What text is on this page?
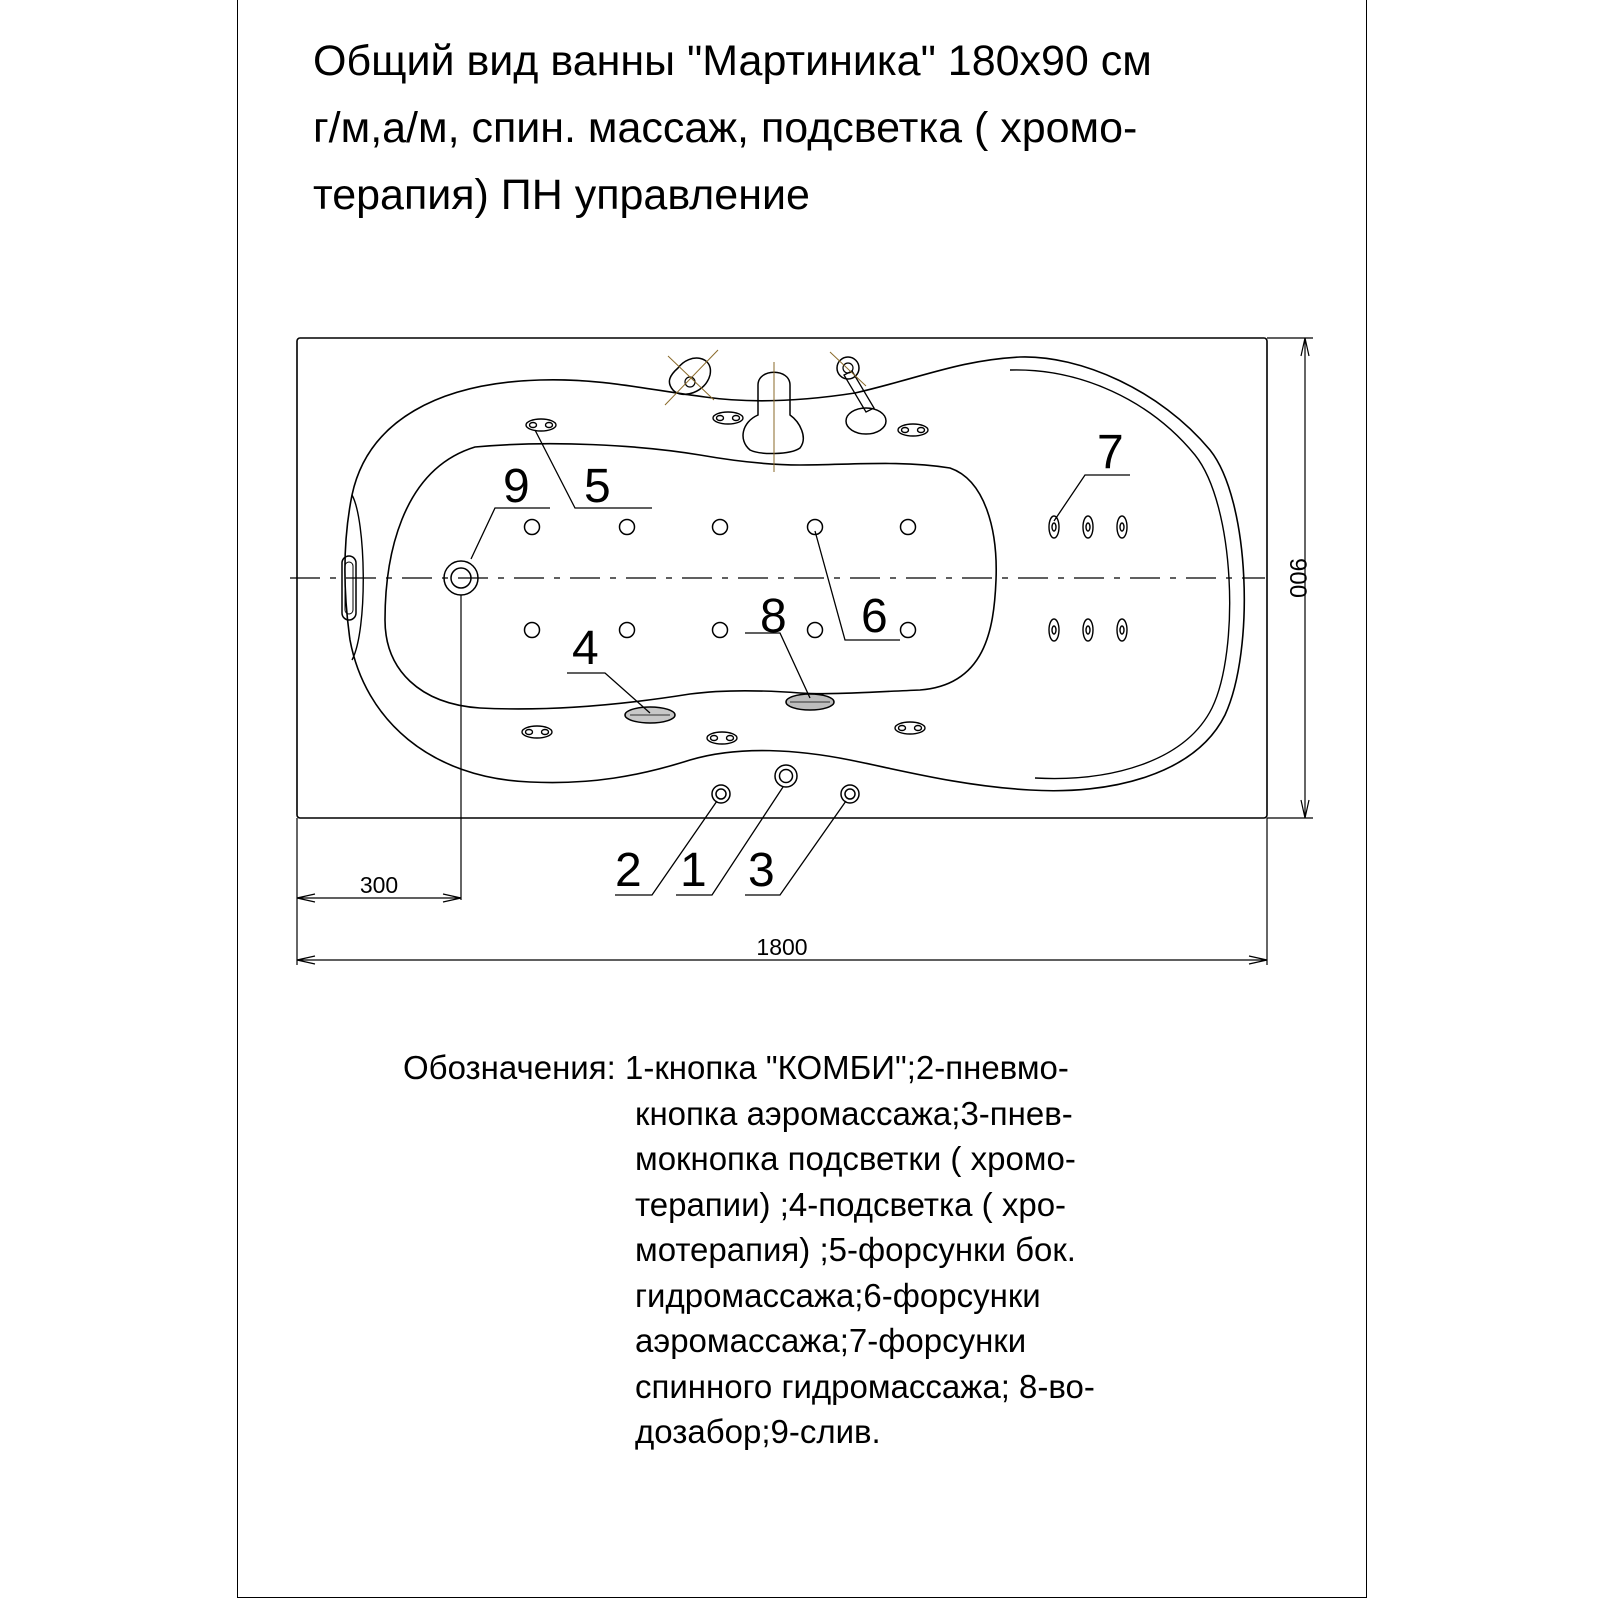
Общий вид ванны "Мартиника" 180х90 см
г/м,а/м, спин. массаж, подсветка ( хромо-
терапия) ПН управление
5
9
7
8 6
4
2 1 3
900
300
1800
Обозначения: 1-кнопка "КОМБИ";2-пневмо-
кнопка аэромассажа;3-пнев-
мокнопка подсветки ( хромо-
терапии) ;4-подсветка ( хро-
мотерапия) ;5-форсунки бок.
гидромассажа;6-форсунки
аэромассажа;7-форсунки
спинного гидромассажа; 8-во-
дозабор;9-слив.
